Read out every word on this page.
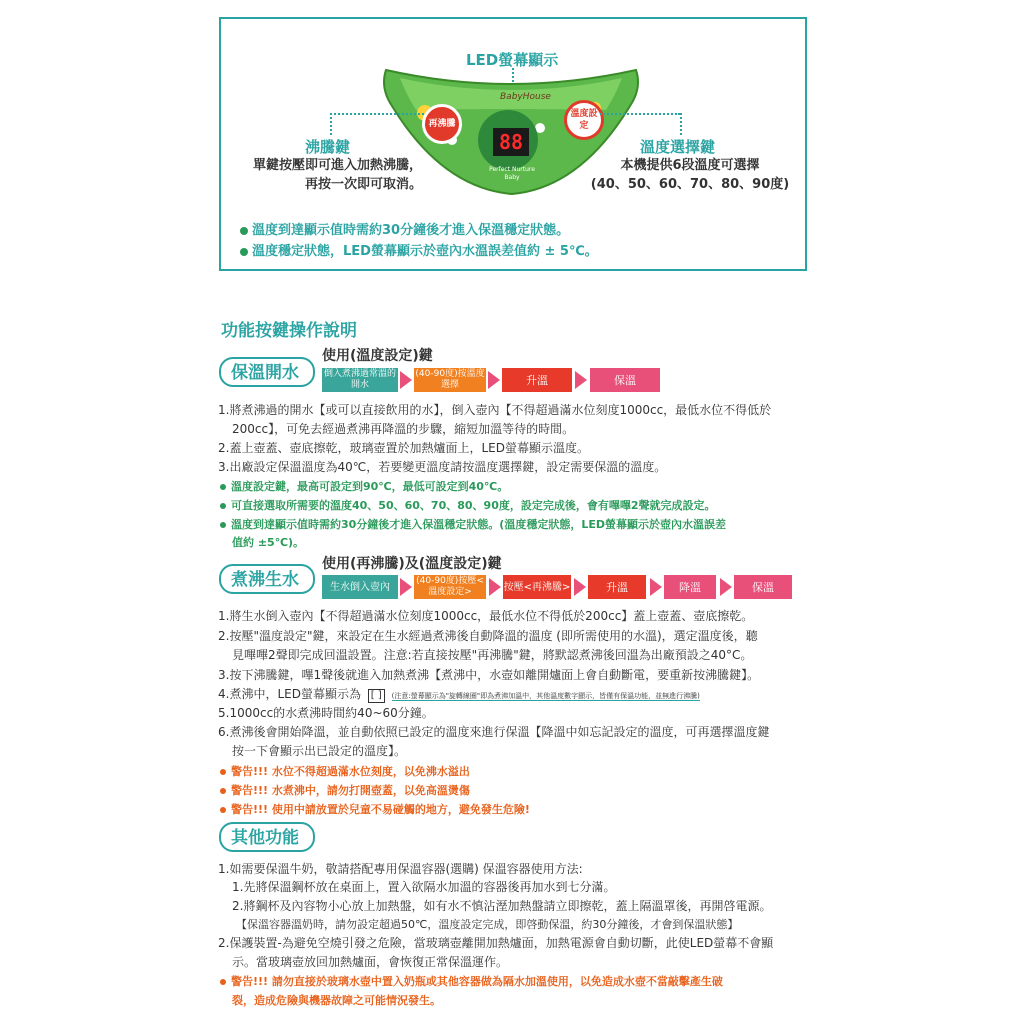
LED螢幕顯示
再沸騰
溫度設定
BabyHouse
88
Perfect Nurture
Baby
沸騰鍵
單鍵按壓即可進入加熱沸騰，
再按一次即可取消。
溫度選擇鍵
本機提供6段溫度可選擇
(40、50、60、70、80、90度)
溫度到達顯示值時需約30分鐘後才進入保溫穩定狀態。
溫度穩定狀態，LED螢幕顯示於壺內水溫誤差值約 ± 5℃。
功能按鍵操作說明
保溫開水
使用(溫度設定)鍵
倒入煮沸過常溫的開水
(40-90度)按溫度選擇	升溫	保溫
1.將煮沸過的開水【或可以直接飲用的水】，倒入壺內【不得超過滿水位刻度1000cc，最低水位不得低於
200cc】，可免去經過煮沸再降溫的步驟，縮短加溫等待的時間。
2.蓋上壺蓋、壺底擦乾，玻璃壺置於加熱爐面上，LED螢幕顯示溫度。
3.出廠設定保溫溫度為40℃，若要變更溫度請按溫度選擇鍵，設定需要保溫的溫度。
溫度設定鍵，最高可設定到90℃，最低可設定到40℃。
可直接選取所需要的溫度40、50、60、70、80、90度，設定完成後，會有嗶嗶2聲就完成設定。
溫度到達顯示值時需約30分鐘後才進入保溫穩定狀態。(溫度穩定狀態，LED螢幕顯示於壺內水溫誤差
值約 ±5℃)。
煮沸生水
使用(再沸騰)及(溫度設定)鍵
生水倒入壺內
(40-90度)按壓<溫度設定>	按壓<再沸騰>	升溫	降溫	保溫
1.將生水倒入壺內【不得超過滿水位刻度1000cc，最低水位不得低於200cc】蓋上壺蓋、壺底擦乾。
2.按壓"溫度設定"鍵，來設定在生水經過煮沸後自動降溫的溫度 (即所需使用的水溫)，選定溫度後，聽
見嗶嗶2聲即完成回溫設置。注意:若直接按壓"再沸騰"鍵，將默認煮沸後回溫為出廠預設之40°C。
3.按下沸騰鍵，嗶1聲後就進入加熱煮沸【煮沸中，水壺如離開爐面上會自動斷電，要重新按沸騰鍵】。
4.煮沸中，LED螢幕顯示為 [ ] (注意:螢幕顯示為"旋轉線圈"即為煮沸加溫中，其他溫度數字顯示，皆僅有保溫功能，並無進行沸騰)
5.1000cc的水煮沸時間約40~60分鐘。
6.煮沸後會開始降溫，並自動依照已設定的溫度來進行保溫【降溫中如忘記設定的溫度，可再選擇溫度鍵
按一下會顯示出已設定的溫度】。
警告!!! 水位不得超過滿水位刻度，以免沸水溢出
警告!!! 水煮沸中，請勿打開壺蓋，以免高溫燙傷
警告!!! 使用中請放置於兒童不易碰觸的地方，避免發生危險!
其他功能
1.如需要保溫牛奶，敬請搭配專用保溫容器(選購) 保溫容器使用方法:
1.先將保溫鋼杯放在桌面上，置入欲隔水加溫的容器後再加水到七分滿。
2.將鋼杯及內容物小心放上加熱盤，如有水不慎沾溼加熱盤請立即擦乾，蓋上隔溫罩後，再開啓電源。
【保溫容器溫奶時，請勿設定超過50℃，溫度設定完成，即啓動保溫，約30分鐘後，才會到保溫狀態】
2.保護裝置-為避免空燒引發之危險，當玻璃壺離開加熱爐面，加熱電源會自動切斷，此使LED螢幕不會顯
示。當玻璃壺放回加熱爐面，會恢復正常保溫運作。
警告!!! 請勿直接於玻璃水壺中置入奶瓶或其他容器做為隔水加溫使用，以免造成水壺不當敲擊產生破
裂，造成危險與機器故障之可能情況發生。
